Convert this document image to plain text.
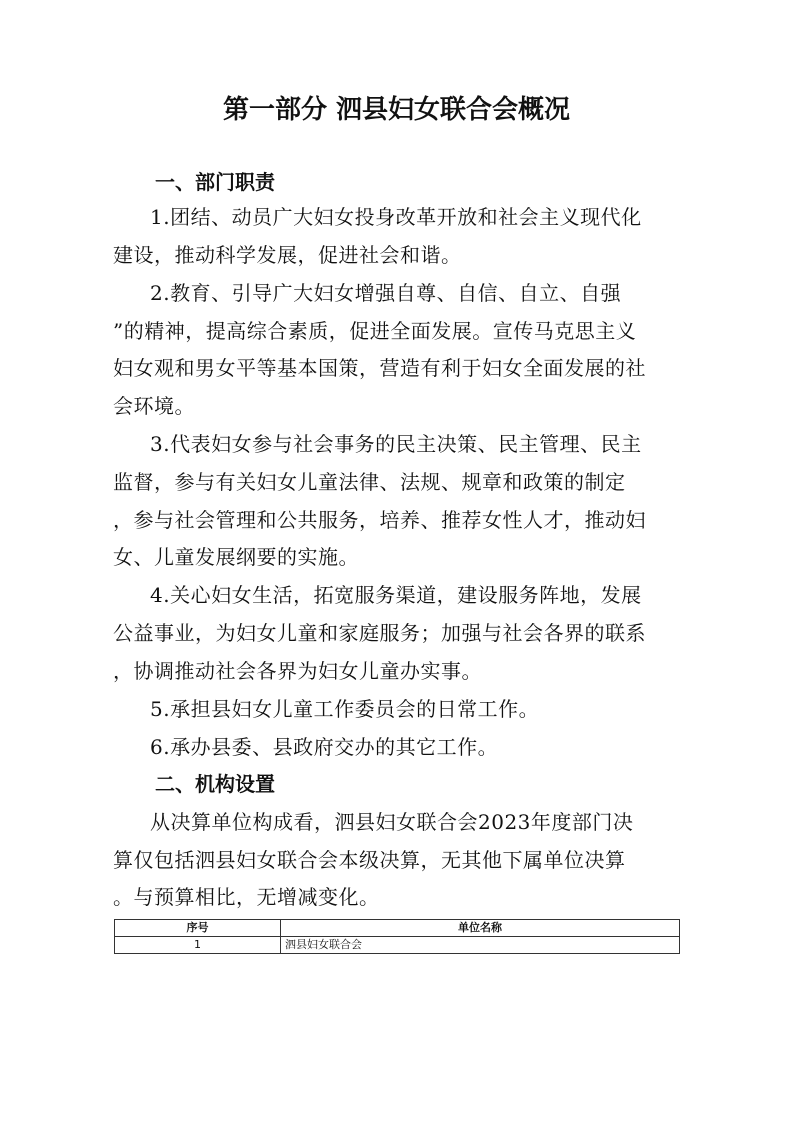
第一部分 泗县妇女联合会概况
一、部门职责
1.团结、动员广大妇女投身改革开放和社会主义现代化
建设，推动科学发展，促进社会和谐。
2.教育、引导广大妇女增强自尊、自信、自立、自强
”的精神，提高综合素质，促进全面发展。宣传马克思主义
妇女观和男女平等基本国策，营造有利于妇女全面发展的社
会环境。
3.代表妇女参与社会事务的民主决策、民主管理、民主
监督，参与有关妇女儿童法律、法规、规章和政策的制定
，参与社会管理和公共服务，培养、推荐女性人才，推动妇
女、儿童发展纲要的实施。
4.关心妇女生活，拓宽服务渠道，建设服务阵地，发展
公益事业，为妇女儿童和家庭服务；加强与社会各界的联系
，协调推动社会各界为妇女儿童办实事。
5.承担县妇女儿童工作委员会的日常工作。
6.承办县委、县政府交办的其它工作。
二、机构设置
从决算单位构成看，泗县妇女联合会2023年度部门决
算仅包括泗县妇女联合会本级决算，无其他下属单位决算
。与预算相比，无增减变化。
序号	单位名称
1	泗县妇女联合会
